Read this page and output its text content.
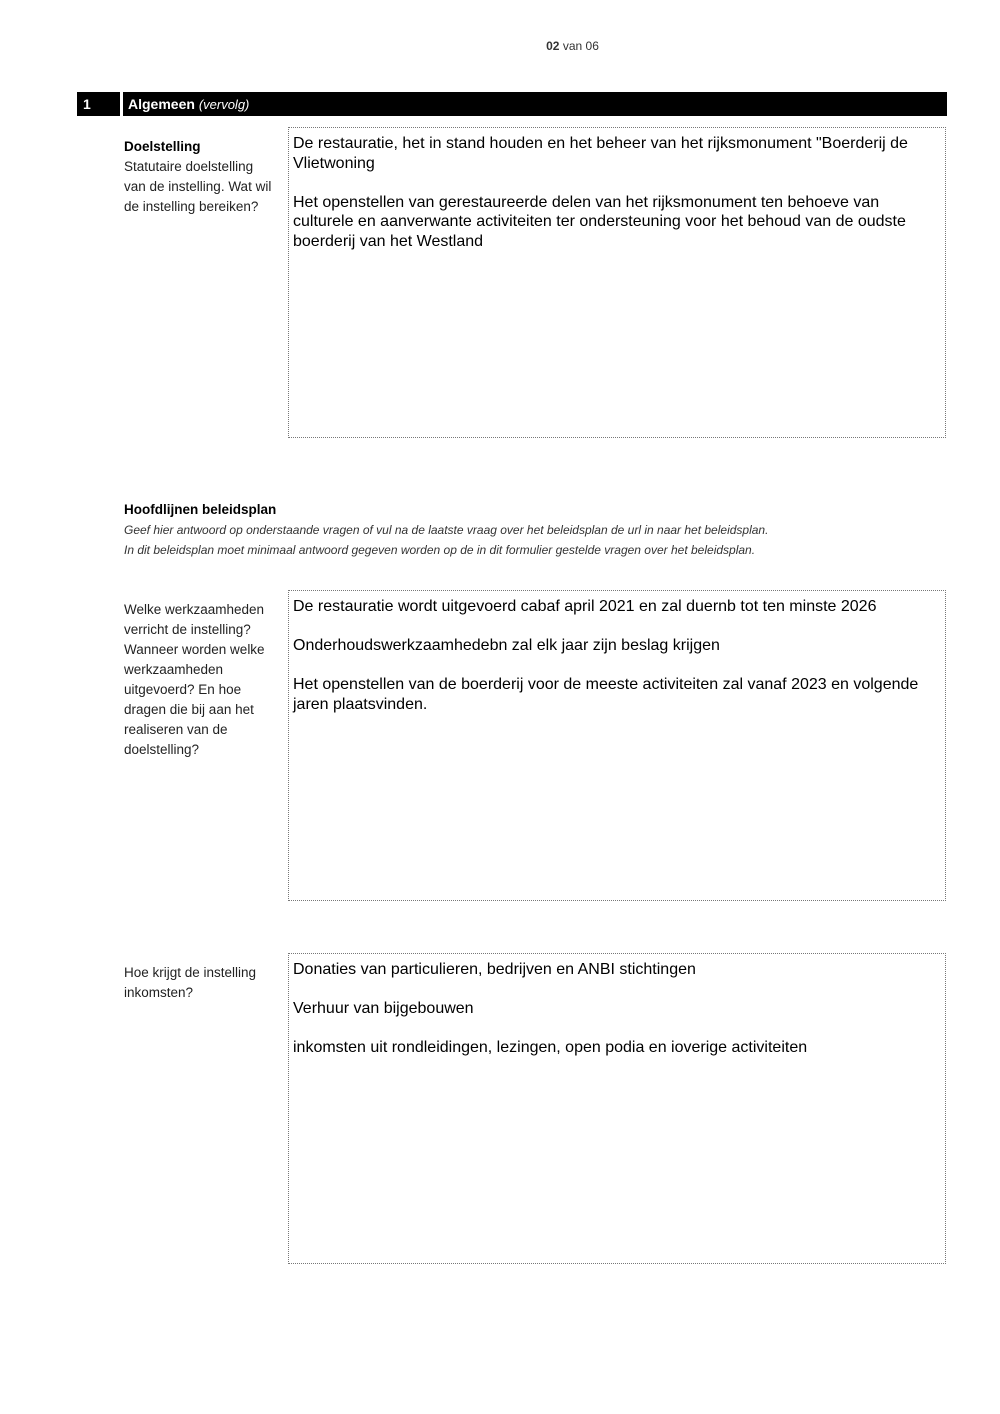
02 van 06
1	Algemeen (vervolg)
Doelstelling
Statutaire doelstelling van de instelling. Wat wil de instelling bereiken?

De restauratie, het in stand houden en het beheer van het rijksmonument "Boerderij de Vlietwoning

Het openstellen van gerestaureerde delen van het rijksmonument ten behoeve van culturele en aanverwante activiteiten ter ondersteuning voor het behoud van de oudste boerderij van het Westland

Hoofdlijnen beleidsplan
Geef hier antwoord op onderstaande vragen of vul na de laatste vraag over het beleidsplan de url in naar het beleidsplan.
In dit beleidsplan moet minimaal antwoord gegeven worden op de in dit formulier gestelde vragen over het beleidsplan.
Welke werkzaamheden verricht de instelling? Wanneer worden welke werkzaamheden uitgevoerd? En hoe dragen die bij aan het realiseren van de doelstelling?

De restauratie wordt uitgevoerd cabaf april 2021 en zal duernb tot ten minste 2026

Onderhoudswerkzaamhedebn zal elk jaar zijn beslag krijgen

Het openstellen van de boerderij voor de meeste activiteiten zal vanaf 2023 en volgende jaren plaatsvinden.

Hoe krijgt de instelling inkomsten?

Donaties van particulieren, bedrijven en ANBI stichtingen

Verhuur van bijgebouwen

inkomsten uit rondleidingen, lezingen, open podia en ioverige activiteiten
